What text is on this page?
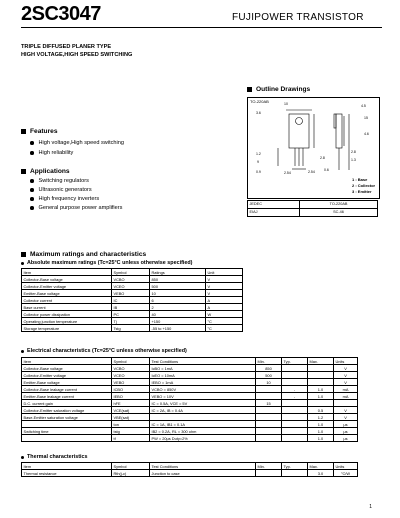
2SC3047	FUJIPOWER TRANSISTOR
TRIPLE DIFFUSED PLANER TYPE
HIGH VOLTAGE,HIGH SPEED SWITCHING
Outline Drawings
TO-220AB	10
3.6
4.5
15
4.6
1.2
9
0.9	2.54	2.54	0.6
2.8
1.3
2.8
1 : Base
2 : Collector
3 : Emitter
JEDEC	TO-220AB
EIAJ	SC-46
Features
High voltage,High speed switching
High reliability
Applications
Switching regulators
Ultrasonic generators
High frequency inverters
General purpose power amplifiers
Maximum ratings and characteristics
Absolute maximum ratings (Tc=25°C unless otherwise specified)
Item	Symbol	Ratings	Unit
Collector-Base voltage	VCBO	850	V
Collector-Emitter voltage	VCEO	500	V
Emitter-Base voltage	VEBO	10	V
Collector current	IC	6	A
Base current	IB	2	A
Collector power dissipation	PC	40	W
Operating junction temperature	Tj	+150	°C
Storage temperature	Tstg	-55 to +150	°C
Electrical characteristics (Tc=25°C unless otherwise specified)
Item	Symbol	Test Conditions	Min.	Typ.	Max.	Units
Collector-Base voltage	VCBO	IcBO = 1mA	850			V
Collector-Emitter voltage	VCEO	IcEO = 10mA	500			V
Emitter-Base voltage	VEBO	IEBO = 1mA	10			V
Collector-Base leakage current	ICBO	VCBO = 850V		-	1.0	mA
Emitter-Base leakage current	IEBO	VEBO = 10V		-	1.0	mA
D.C. current gain	hFE	IC = 0.5A, VCE = 5V	15			
Collector-Emitter saturation voltage	VCE(sat)	IC = 2A, IB = 0.4A			0.5	V
Base-Emitter saturation voltage	VBE(sat)				1.2	V
	ton	IC = 1A, IB1 = 0.1A			1.0	μs
Switching time	tstg	IB2 = 0.2A, RL = 300 ohm			1.0	μs
	tf	PW = 20μs Duty=2%			1.0	μs
Thermal characteristics
Item	Symbol	Test Conditions	Min.	Typ.	Max.	Units
Thermal resistance	Rth(j-c)	Junction to case			3.0	°C/W
1
